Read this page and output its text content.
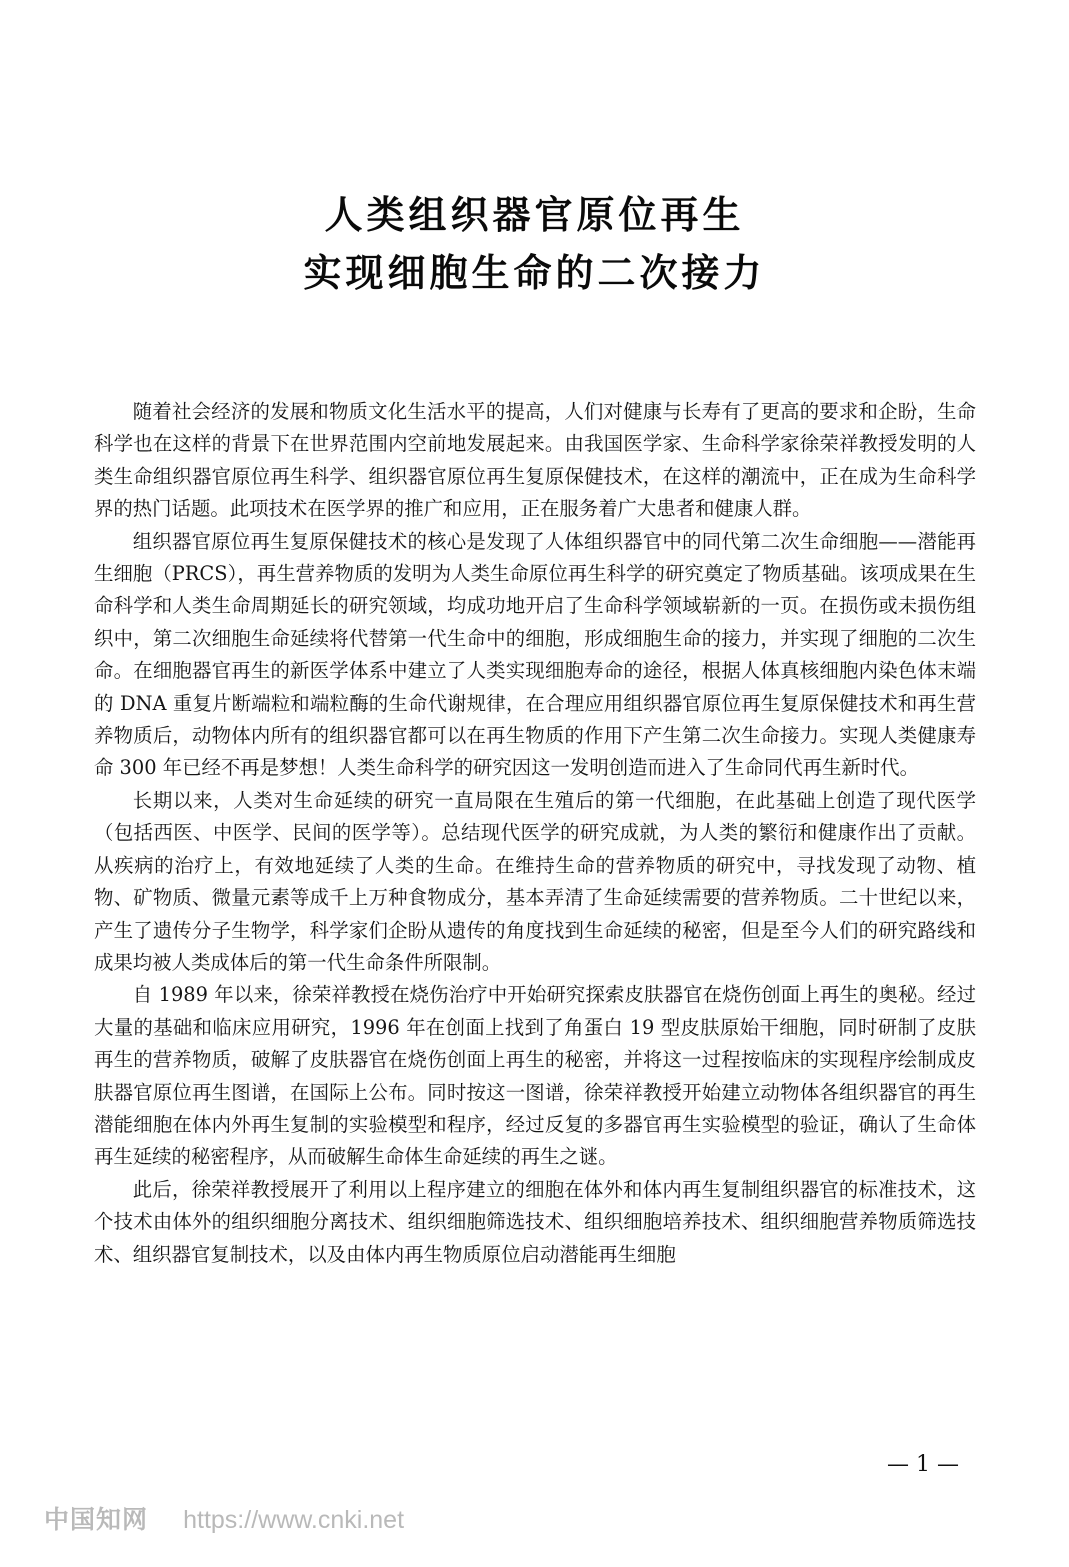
人类组织器官原位再生
实现细胞生命的二次接力

随着社会经济的发展和物质文化生活水平的提高，人们对健康与长寿有了更高的要求和企盼，生命科学也在这样的背景下在世界范围内空前地发展起来。由我国医学家、生命科学家徐荣祥教授发明的人类生命组织器官原位再生科学、组织器官原位再生复原保健技术，在这样的潮流中，正在成为生命科学界的热门话题。此项技术在医学界的推广和应用，正在服务着广大患者和健康人群。

组织器官原位再生复原保健技术的核心是发现了人体组织器官中的同代第二次生命细胞——潜能再生细胞（PRCS），再生营养物质的发明为人类生命原位再生科学的研究奠定了物质基础。该项成果在生命科学和人类生命周期延长的研究领域，均成功地开启了生命科学领域崭新的一页。在损伤或未损伤组织中，第二次细胞生命延续将代替第一代生命中的细胞，形成细胞生命的接力，并实现了细胞的二次生命。在细胞器官再生的新医学体系中建立了人类实现细胞寿命的途径，根据人体真核细胞内染色体末端的 DNA 重复片断端粒和端粒酶的生命代谢规律，在合理应用组织器官原位再生复原保健技术和再生营养物质后，动物体内所有的组织器官都可以在再生物质的作用下产生第二次生命接力。实现人类健康寿命 300 年已经不再是梦想！人类生命科学的研究因这一发明创造而进入了生命同代再生新时代。

长期以来，人类对生命延续的研究一直局限在生殖后的第一代细胞，在此基础上创造了现代医学（包括西医、中医学、民间的医学等）。总结现代医学的研究成就，为人类的繁衍和健康作出了贡献。从疾病的治疗上，有效地延续了人类的生命。在维持生命的营养物质的研究中，寻找发现了动物、植物、矿物质、微量元素等成千上万种食物成分，基本弄清了生命延续需要的营养物质。二十世纪以来，产生了遗传分子生物学，科学家们企盼从遗传的角度找到生命延续的秘密，但是至今人们的研究路线和成果均被人类成体后的第一代生命条件所限制。

自 1989 年以来，徐荣祥教授在烧伤治疗中开始研究探索皮肤器官在烧伤创面上再生的奥秘。经过大量的基础和临床应用研究，1996 年在创面上找到了角蛋白 19 型皮肤原始干细胞，同时研制了皮肤再生的营养物质，破解了皮肤器官在烧伤创面上再生的秘密，并将这一过程按临床的实现程序绘制成皮肤器官原位再生图谱，在国际上公布。同时按这一图谱，徐荣祥教授开始建立动物体各组织器官的再生潜能细胞在体内外再生复制的实验模型和程序，经过反复的多器官再生实验模型的验证，确认了生命体再生延续的秘密程序，从而破解生命体生命延续的再生之谜。

此后，徐荣祥教授展开了利用以上程序建立的细胞在体外和体内再生复制组织器官的标准技术，这个技术由体外的组织细胞分离技术、组织细胞筛选技术、组织细胞培养技术、组织细胞营养物质筛选技术、组织器官复制技术，以及由体内再生物质原位启动潜能再生细胞

— 1 —
中国知网 https://www.cnki.net
